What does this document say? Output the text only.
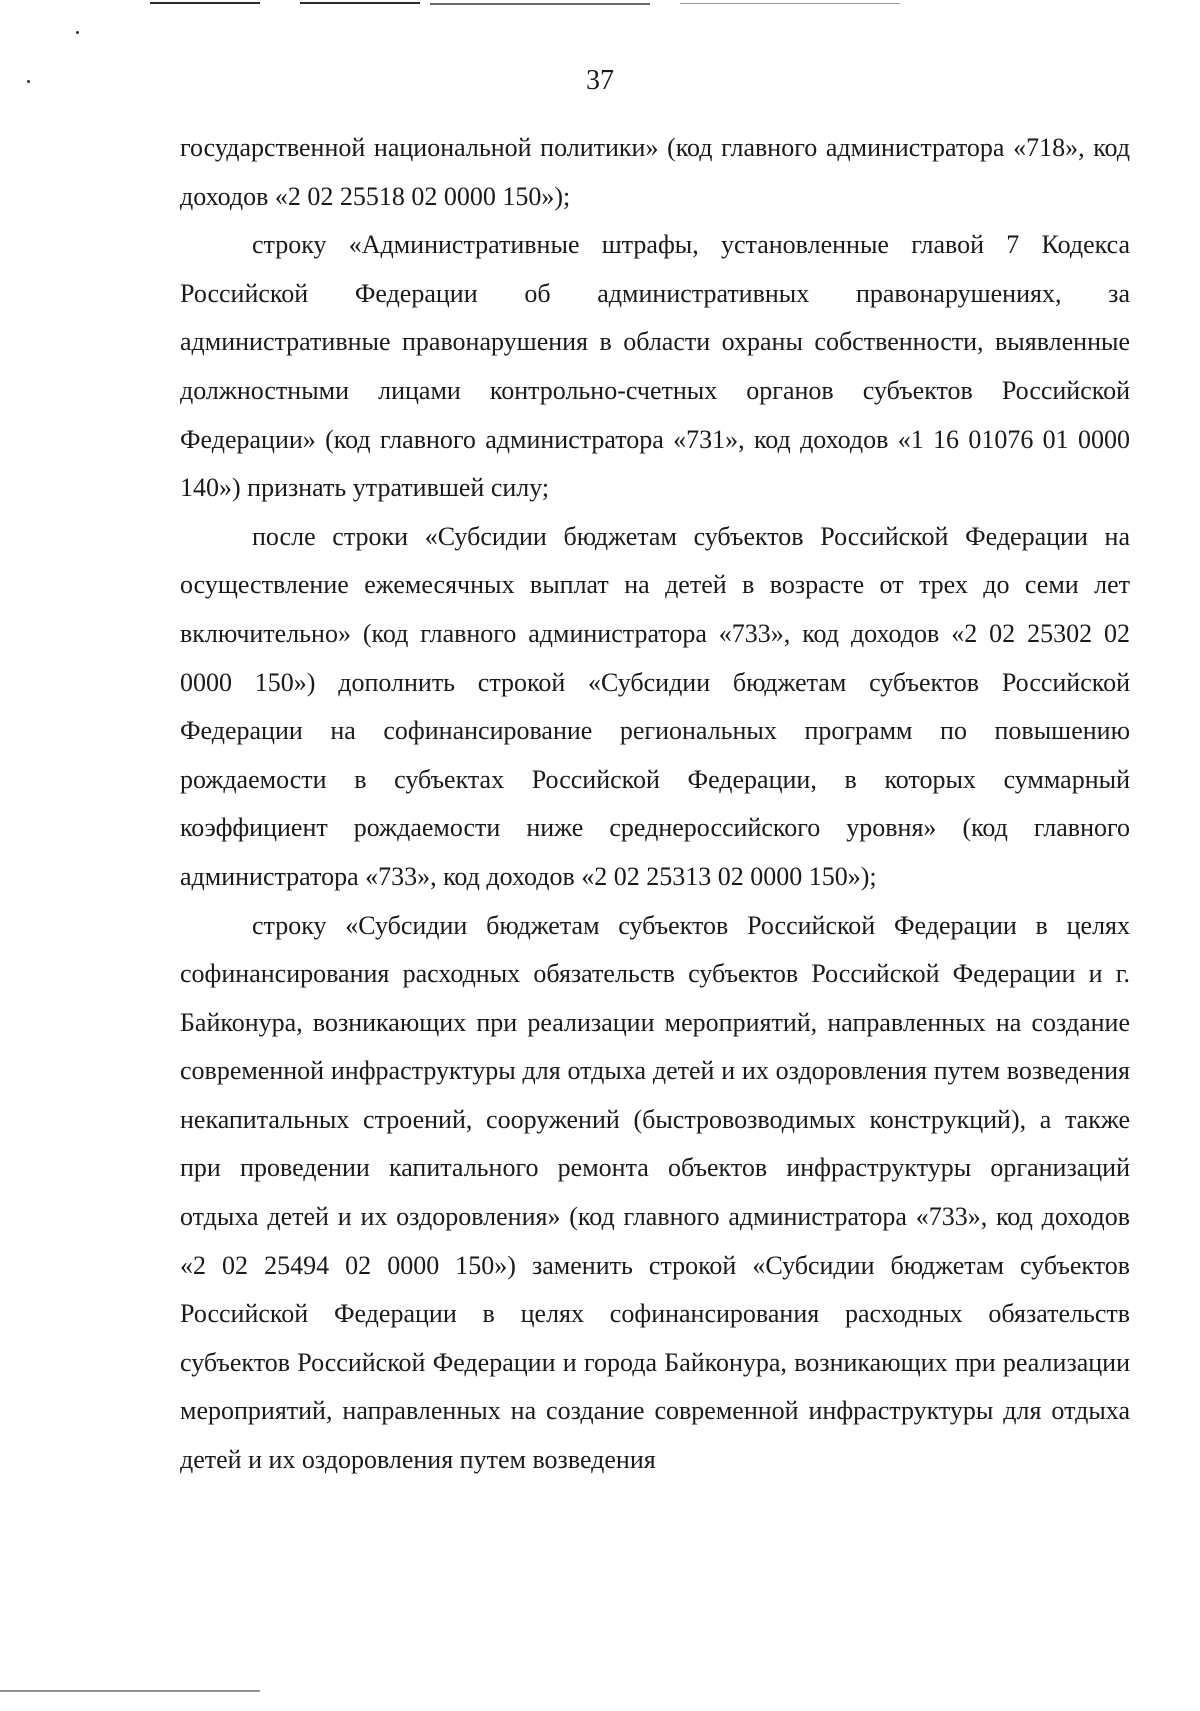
37

государственной национальной политики» (код главного администратора «718», код доходов «2 02 25518 02 0000 150»);

строку «Административные штрафы, установленные главой 7 Кодекса Российской Федерации об административных правонарушениях, за административные правонарушения в области охраны собственности, выявленные должностными лицами контрольно-счетных органов субъектов Российской Федерации» (код главного администратора «731», код доходов «1 16 01076 01 0000 140») признать утратившей силу;

после строки «Субсидии бюджетам субъектов Российской Федерации на осуществление ежемесячных выплат на детей в возрасте от трех до семи лет включительно» (код главного администратора «733», код доходов «2 02 25302 02 0000 150») дополнить строкой «Субсидии бюджетам субъектов Российской Федерации на софинансирование региональных программ по повышению рождаемости в субъектах Российской Федерации, в которых суммарный коэффициент рождаемости ниже среднероссийского уровня» (код главного администратора «733», код доходов «2 02 25313 02 0000 150»);

строку «Субсидии бюджетам субъектов Российской Федерации в целях софинансирования расходных обязательств субъектов Российской Федерации и г. Байконура, возникающих при реализации мероприятий, направленных на создание современной инфраструктуры для отдыха детей и их оздоровления путем возведения некапитальных строений, сооружений (быстровозводимых конструкций), а также при проведении капитального ремонта объектов инфраструктуры организаций отдыха детей и их оздоровления» (код главного администратора «733», код доходов «2 02 25494 02 0000 150») заменить строкой «Субсидии бюджетам субъектов Российской Федерации в целях софинансирования расходных обязательств субъектов Российской Федерации и города Байконура, возникающих при реализации мероприятий, направленных на создание современной инфраструктуры для отдыха детей и их оздоровления путем возведения
